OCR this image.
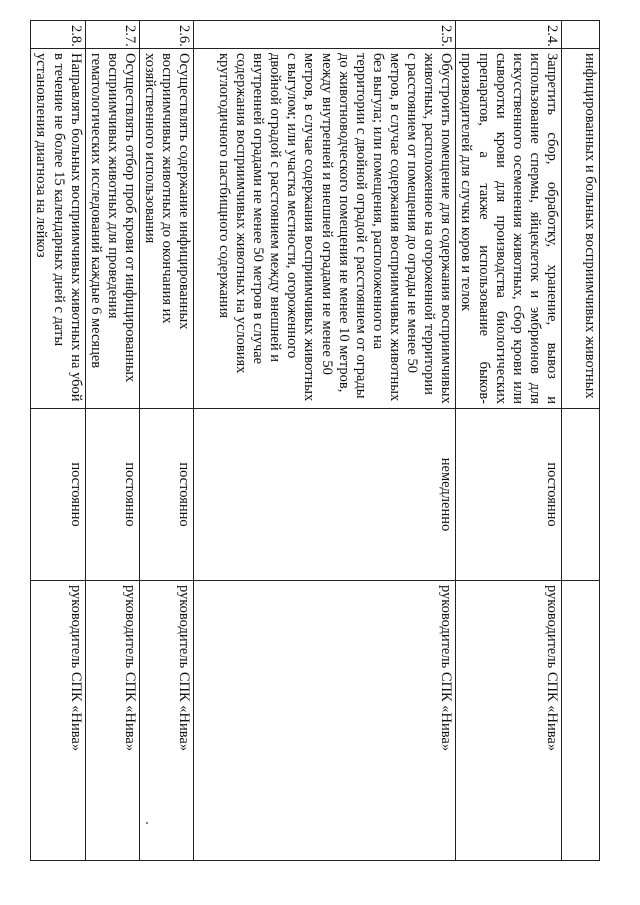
	инфицированных и больных восприимчивых животных		
2.4.	Запретить сбор, обработку, хранение, вывоз и использование спермы, яйцеклеток и эмбрионов для искусственного осеменения животных, сбор крови или сыворотки крови для производства биологических препаратов, а также использование быков-производителей для случки коров и телок	постоянно	руководитель СПК «Нива»
2.5.	Обустроить помещение для содержания восприимчивых животных, расположенное на огороженной территории с расстоянием от помещения до ограды не менее 50 метров, в случае содержания восприимчивых животных без выгула; или помещения, расположенного на территории с двойной оградой с расстоянием от ограды до животноводческого помещения не менее 10 метров, между внутренней и внешней оградами не менее 50 метров, в случае содержания восприимчивых животных с выгулом; или участка местности, огороженного двойной оградой с расстоянием между внешней и внутренней оградами не менее 50 метров в случае содержания восприимчивых животных на условиях круглогодичного пастбищного содержания	немедленно	руководитель СПК «Нива»
2.6.	Осуществлять содержание инфицированных восприимчивых животных до окончания их хозяйственного использования	постоянно	руководитель СПК «Нива»
2.7.	Осуществлять отбор проб крови от инфицированных восприимчивых животных для проведения гематологических исследований каждые 6 месяцев	постоянно	руководитель СПК «Нива»
2.8.	Направлять больных восприимчивых животных на убой в течение не более 15 календарных дней с даты установления диагноза на лейкоз	постоянно	руководитель СПК «Нива»
